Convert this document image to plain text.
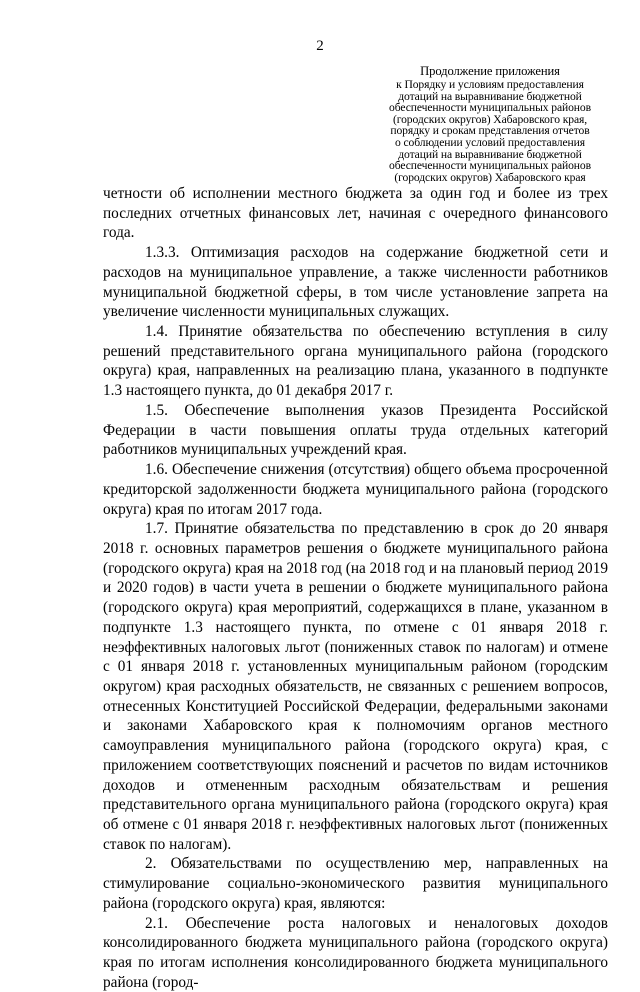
2
Продолжение приложения
к Порядку и условиям предоставления
дотаций на выравнивание бюджетной
обеспеченности муниципальных районов
(городских округов) Хабаровского края,
порядку и срокам представления отчетов
о соблюдении условий предоставления
дотаций на выравнивание бюджетной
обеспеченности муниципальных районов
(городских округов) Хабаровского края

четности об исполнении местного бюджета за один год и более из трех последних отчетных финансовых лет, начиная с очередного финансового года.

1.3.3. Оптимизация расходов на содержание бюджетной сети и расходов на муниципальное управление, а также численности работников муниципальной бюджетной сферы, в том числе установление запрета на увеличение численности муниципальных служащих.

1.4. Принятие обязательства по обеспечению вступления в силу решений представительного органа муниципального района (городского округа) края, направленных на реализацию плана, указанного в подпункте 1.3 настоящего пункта, до 01 декабря 2017 г.

1.5. Обеспечение выполнения указов Президента Российской Федерации в части повышения оплаты труда отдельных категорий работников муниципальных учреждений края.

1.6. Обеспечение снижения (отсутствия) общего объема просроченной кредиторской задолженности бюджета муниципального района (городского округа) края по итогам 2017 года.

1.7. Принятие обязательства по представлению в срок до 20 января 2018 г. основных параметров решения о бюджете муниципального района (городского округа) края на 2018 год (на 2018 год и на плановый период 2019 и 2020 годов) в части учета в решении о бюджете муниципального района (городского округа) края мероприятий, содержащихся в плане, указанном в подпункте 1.3 настоящего пункта, по отмене с 01 января 2018 г. неэффективных налоговых льгот (пониженных ставок по налогам) и отмене с 01 января 2018 г. установленных муниципальным районом (городским округом) края расходных обязательств, не связанных с решением вопросов, отнесенных Конституцией Российской Федерации, федеральными законами и законами Хабаровского края к полномочиям органов местного самоуправления муниципального района (городского округа) края, с приложением соответствующих пояснений и расчетов по видам источников доходов и отмененным расходным обязательствам и решения представительного органа муниципального района (городского округа) края об отмене с 01 января 2018 г. неэффективных налоговых льгот (пониженных ставок по налогам).

2. Обязательствами по осуществлению мер, направленных на стимулирование социально-экономического развития муниципального района (городского округа) края, являются:

2.1. Обеспечение роста налоговых и неналоговых доходов консолидированного бюджета муниципального района (городского округа) края по итогам исполнения консолидированного бюджета муниципального района (город-
